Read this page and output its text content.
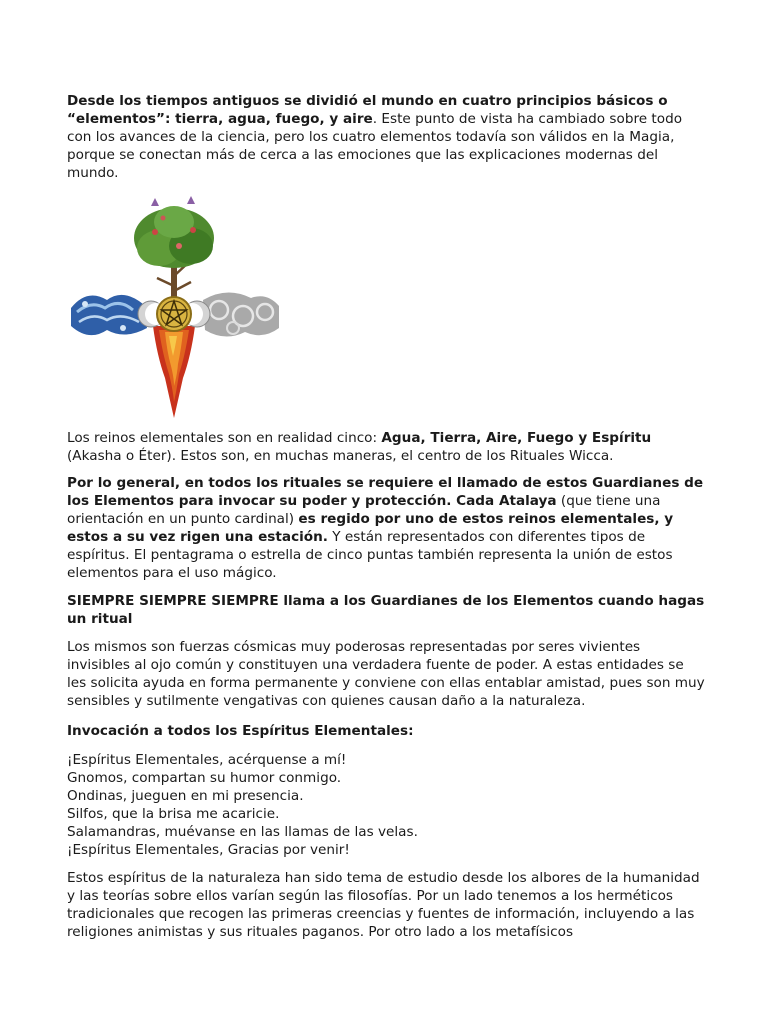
Desde los tiempos antiguos se dividió el mundo en cuatro principios básicos o “elementos”: tierra, agua, fuego, y aire. Este punto de vista ha cambiado sobre todo con los avances de la ciencia, pero los cuatro elementos todavía son válidos en la Magia, porque se conectan más de cerca a las emociones que las explicaciones modernas del mundo.

Los reinos elementales son en realidad cinco: Agua, Tierra, Aire, Fuego y Espíritu (Akasha o Éter). Estos son, en muchas maneras, el centro de los Rituales Wicca.

Por lo general, en todos los rituales se requiere el llamado de estos Guardianes de los Elementos para invocar su poder y protección. Cada Atalaya (que tiene una orientación en un punto cardinal) es regido por uno de estos reinos elementales, y estos a su vez rigen una estación. Y están representados con diferentes tipos de espíritus. El pentagrama o estrella de cinco puntas también representa la unión de estos elementos para el uso mágico.

SIEMPRE SIEMPRE SIEMPRE llama a los Guardianes de los Elementos cuando hagas un ritual

Los mismos son fuerzas cósmicas muy poderosas representadas por seres vivientes invisibles al ojo común y constituyen una verdadera fuente de poder. A estas entidades se les solicita ayuda en forma permanente y conviene con ellas entablar amistad, pues son muy sensibles y sutilmente vengativas con quienes causan daño a la naturaleza.

Invocación a todos los Espíritus Elementales:

¡Espíritus Elementales, acérquense a mí!
Gnomos, compartan su humor conmigo.
Ondinas, jueguen en mi presencia.
Silfos, que la brisa me acaricie.
Salamandras, muévanse en las llamas de las velas.
¡Espíritus Elementales, Gracias por venir!

Estos espíritus de la naturaleza han sido tema de estudio desde los albores de la humanidad y las teorías sobre ellos varían según las filosofías. Por un lado tenemos a los herméticos tradicionales que recogen las primeras creencias y fuentes de información, incluyendo a las religiones animistas y sus rituales paganos. Por otro lado a los metafísicos
